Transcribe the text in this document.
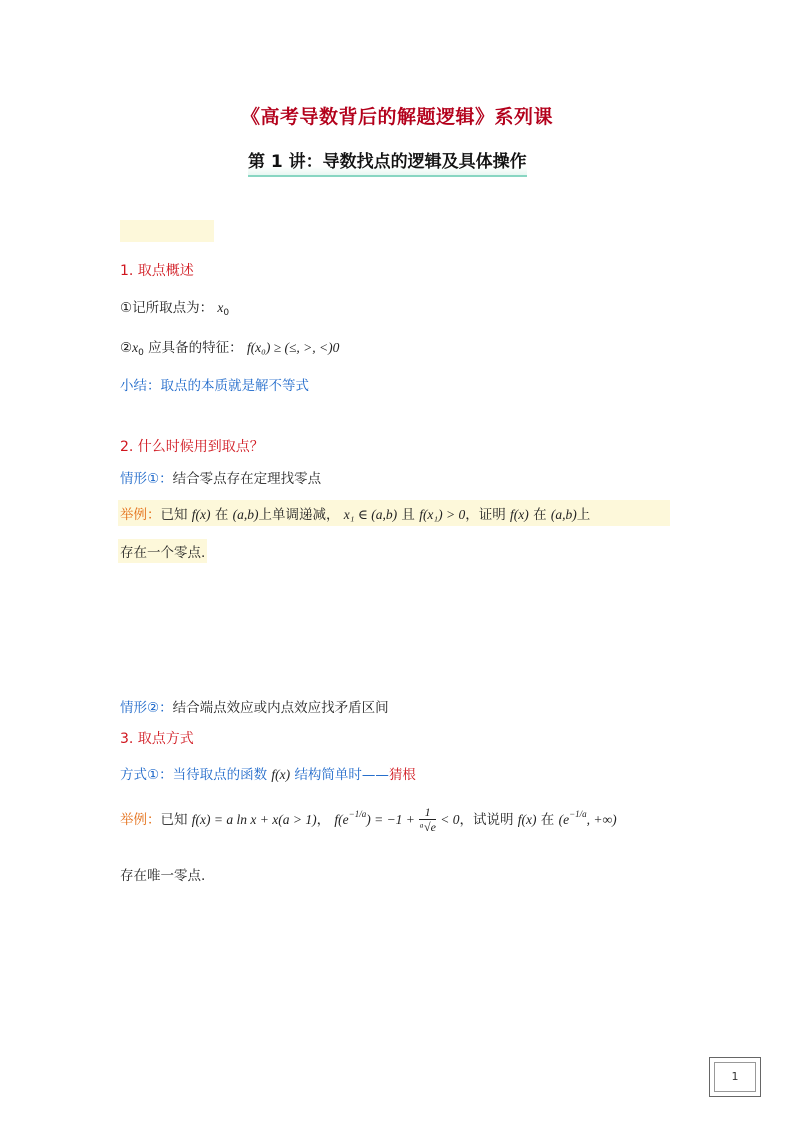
《高考导数背后的解题逻辑》系列课
第 1 讲：导数找点的逻辑及具体操作
1. 取点概述
①记所取点为： $x_0$
$②x_0$ 应具备的特征： f(x₀) ≥ (≤, >, <)0
小结：取点的本质就是解不等式
2. 什么时候用到取点？
情形①：结合零点存在定理找零点
举例：已知 f(x) 在 (a,b)上单调递减， x₁ ∈ (a,b) 且 f(x₁) > 0，证明 f(x) 在 (a,b)上
存在一个零点.
情形②：结合端点效应或内点效应找矛盾区间
3. 取点方式
方式①：当待取点的函数 f(x) 结构简单时——猜根
举例：已知 f(x) = a ln x + x(a > 1)， $f(e^{-1/a}) = -1 + \frac{1}{\text{ᵃ√e}} < 0$，试说明 f(x) 在 ($e^{-1/a}$, +∞)
存在唯一零点.
1
